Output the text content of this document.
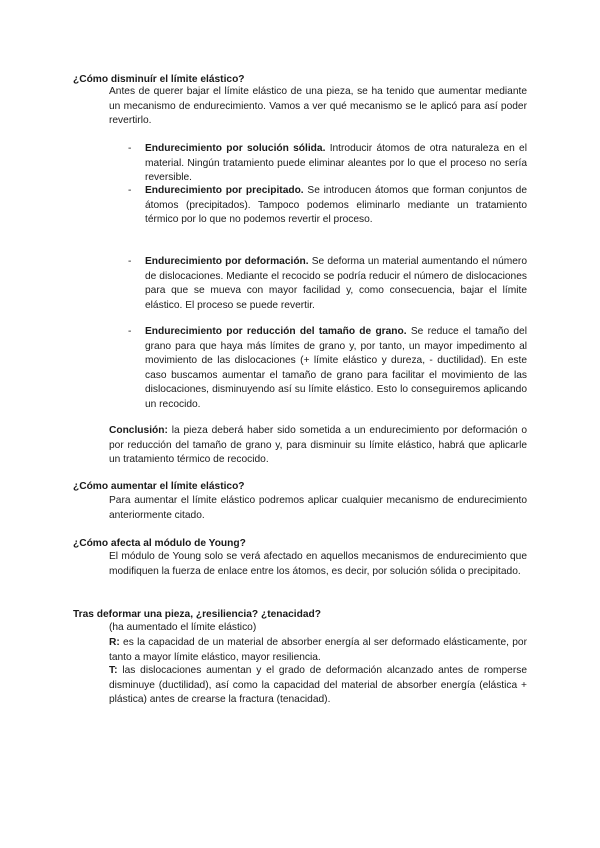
¿Cómo disminuír el límite elástico?

Antes de querer bajar el límite elástico de una pieza, se ha tenido que aumentar mediante un mecanismo de endurecimiento. Vamos a ver qué mecanismo se le aplicó para así poder revertirlo.

-	Endurecimiento por solución sólida. Introducir átomos de otra naturaleza en el material. Ningún tratamiento puede eliminar aleantes por lo que el proceso no sería reversible.

-	Endurecimiento por precipitado. Se introducen átomos que forman conjuntos de átomos (precipitados). Tampoco podemos eliminarlo mediante un tratamiento térmico por lo que no podemos revertir el proceso.

-	Endurecimiento por deformación. Se deforma un material aumentando el número de dislocaciones. Mediante el recocido se podría reducir el número de dislocaciones para que se mueva con mayor facilidad y, como consecuencia, bajar el límite elástico. El proceso se puede revertir.

-	Endurecimiento por reducción del tamaño de grano. Se reduce el tamaño del grano para que haya más límites de grano y, por tanto, un mayor impedimento al movimiento de las dislocaciones (+ límite elástico y dureza, - ductilidad). En este caso buscamos aumentar el tamaño de grano para facilitar el movimiento de las dislocaciones, disminuyendo así su límite elástico. Esto lo conseguiremos aplicando un recocido.

Conclusión: la pieza deberá haber sido sometida a un endurecimiento por deformación o por reducción del tamaño de grano y, para disminuir su límite elástico, habrá que aplicarle un tratamiento térmico de recocido.

¿Cómo aumentar el límite elástico?

Para aumentar el límite elástico podremos aplicar cualquier mecanismo de endurecimiento anteriormente citado.

¿Cómo afecta al módulo de Young?

El módulo de Young solo se verá afectado en aquellos mecanismos de endurecimiento que modifiquen la fuerza de enlace entre los átomos, es decir, por solución sólida o precipitado.

Tras deformar una pieza, ¿resiliencia? ¿tenacidad?

(ha aumentado el límite elástico)

R: es la capacidad de un material de absorber energía al ser deformado elásticamente, por tanto a mayor límite elástico, mayor resiliencia.

T: las dislocaciones aumentan y el grado de deformación alcanzado antes de romperse disminuye (ductilidad), así como la capacidad del material de absorber energía (elástica + plástica) antes de crearse la fractura (tenacidad).
